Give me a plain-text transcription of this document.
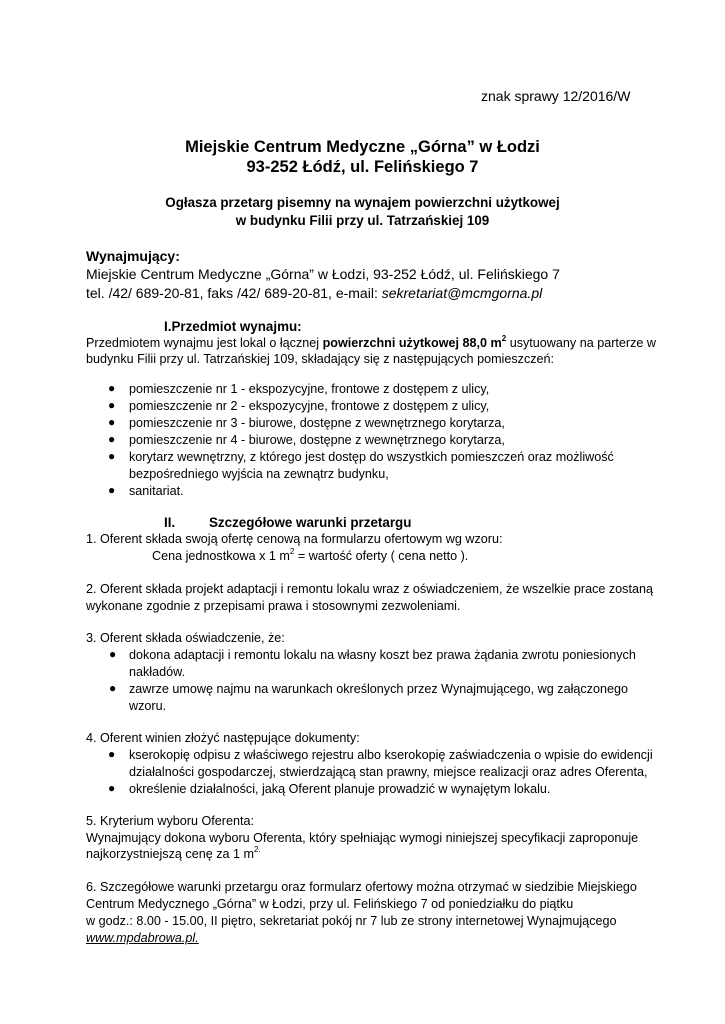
znak sprawy 12/2016/W
Miejskie Centrum Medyczne „Górna” w Łodzi
93-252 Łódź, ul. Felińskiego 7
Ogłasza przetarg pisemny na wynajem powierzchni użytkowej
w budynku Filii przy ul. Tatrzańskiej 109
Wynajmujący:
Miejskie Centrum Medyczne „Górna” w Łodzi, 93-252 Łódź, ul. Felińskiego 7
tel. /42/ 689-20-81, faks /42/ 689-20-81, e-mail: sekretariat@mcmgorna.pl
I.Przedmiot wynajmu:
Przedmiotem wynajmu jest lokal o łącznej powierzchni użytkowej 88,0 $m^2$ usytuowany na parterze w
budynku Filii przy ul. Tatrzańskiej 109, składający się z następujących pomieszczeń:
● pomieszczenie nr 1 - ekspozycyjne, frontowe z dostępem z ulicy,
● pomieszczenie nr 2 - ekspozycyjne, frontowe z dostępem z ulicy,
● pomieszczenie nr 3 - biurowe, dostępne z wewnętrznego korytarza,
● pomieszczenie nr 4 - biurowe, dostępne z wewnętrznego korytarza,
● korytarz wewnętrzny, z którego jest dostęp do wszystkich pomieszczeń oraz możliwość
bezpośredniego wyjścia na zewnątrz budynku,
● sanitariat.
II.	Szczegółowe warunki przetargu
1. Oferent składa swoją ofertę cenową na formularzu ofertowym wg wzoru:
Cena jednostkowa x 1 $m^2$ = wartość oferty ( cena netto ).
2. Oferent składa projekt adaptacji i remontu lokalu wraz z oświadczeniem, że wszelkie prace zostaną
wykonane zgodnie z przepisami prawa i stosownymi zezwoleniami.
3. Oferent składa oświadczenie, że:
● dokona adaptacji i remontu lokalu na własny koszt bez prawa żądania zwrotu poniesionych
nakładów.
● zawrze umowę najmu na warunkach określonych przez Wynajmującego, wg załączonego
wzoru.
4. Oferent winien złożyć następujące dokumenty:
● kserokopię odpisu z właściwego rejestru albo kserokopię zaświadczenia o wpisie do ewidencji
działalności gospodarczej, stwierdzającą stan prawny, miejsce realizacji oraz adres Oferenta,
● określenie działalności, jaką Oferent planuje prowadzić w wynajętym lokalu.
5. Kryterium wyboru Oferenta:
Wynajmujący dokona wyboru Oferenta, który spełniając wymogi niniejszej specyfikacji zaproponuje
najkorzystniejszą cenę za 1 $m^{2.}$
6. Szczegółowe warunki przetargu oraz formularz ofertowy można otrzymać w siedzibie Miejskiego
Centrum Medycznego „Górna” w Łodzi, przy ul. Felińskiego 7 od poniedziałku do piątku
w godz.: 8.00 - 15.00, II piętro, sekretariat pokój nr 7 lub ze strony internetowej Wynajmującego
www.mpdabrowa.pl.
